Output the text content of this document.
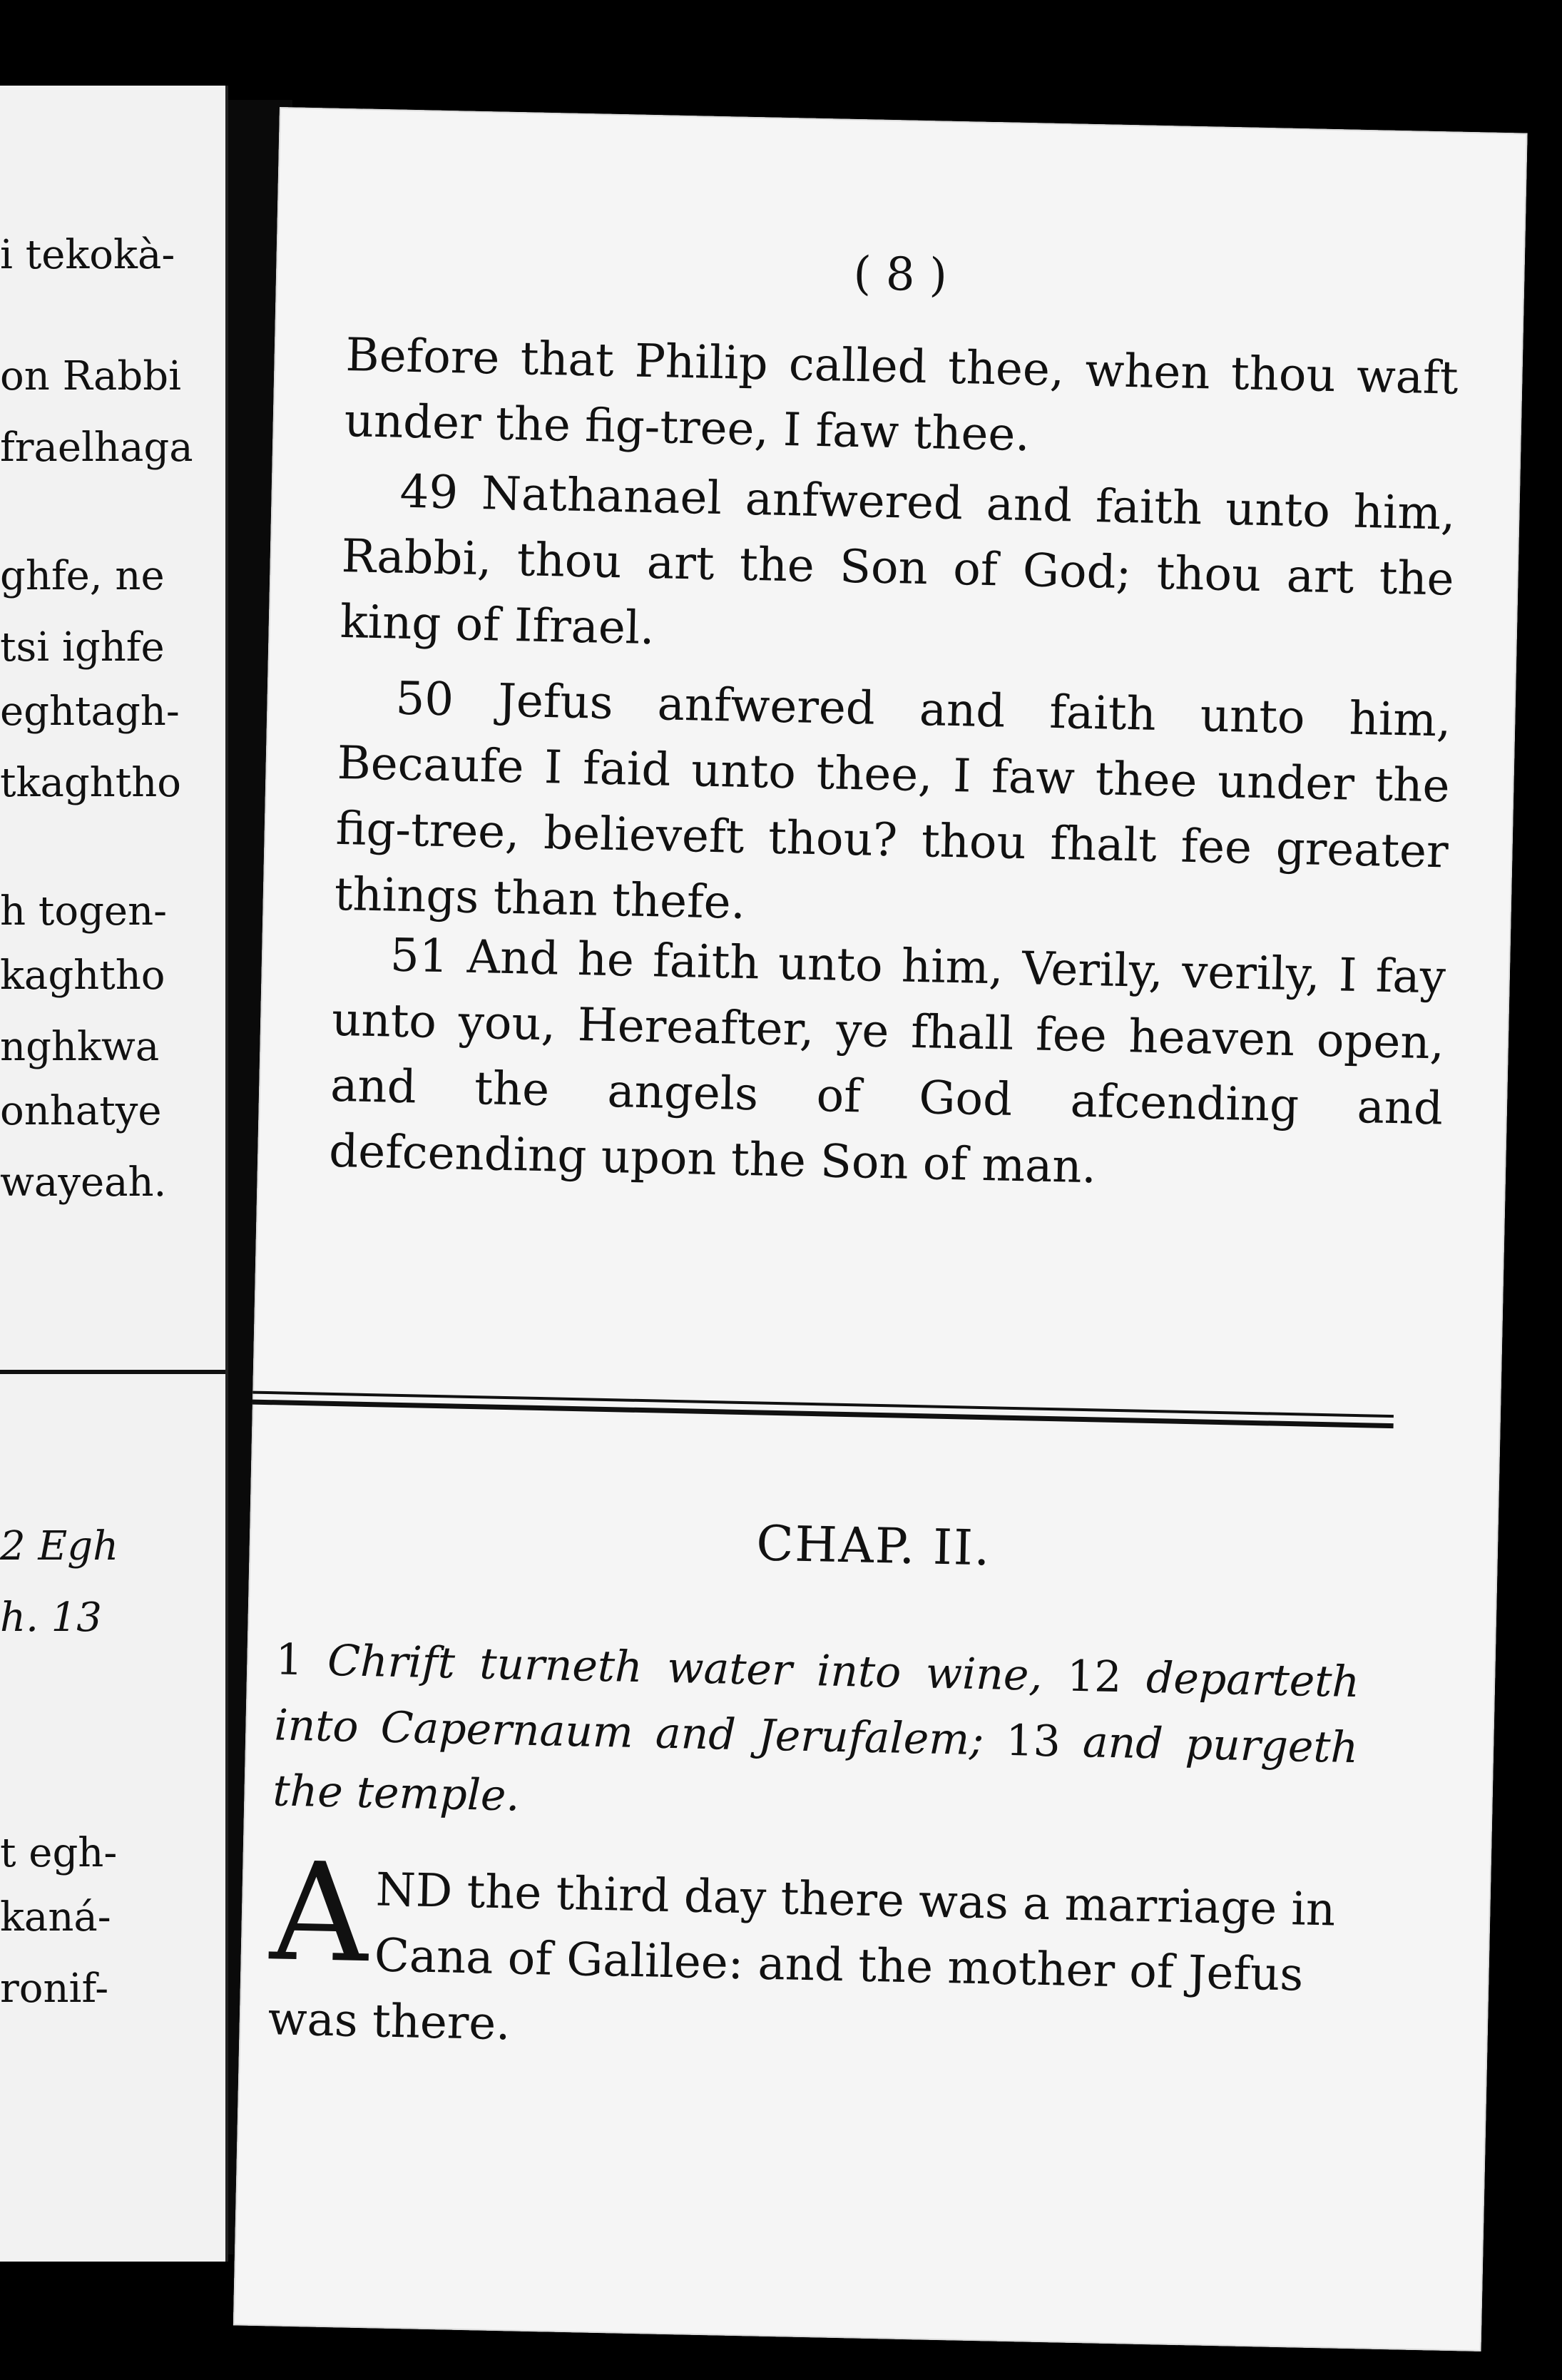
i tekokà-
on Rabbi
fraelhaga
ghfe, ne
tsi ighfe
eghtagh-
tkaghtho
h togen-
kaghtho
nghkwa
onhatye
wayeah.
2 Egh
h. 13
t egh-
kaná-
ronif-
( 8 )
Before that Philip called thee, when thou waft under the fig-tree, I faw thee.
49 Nathanael anfwered and faith unto him, Rabbi, thou art the Son of God; thou art the king of Ifrael.
50 Jefus anfwered and faith unto him, Becaufe I faid unto thee, I faw thee under the fig-tree, believeft thou? thou fhalt fee greater things than thefe.
51 And he faith unto him, Verily, verily, I fay unto you, Hereafter, ye fhall fee heaven open, and the angels of God afcending and defcending upon the Son of man.
CHAP. II.
1 Chrift turneth water into wine, 12 departeth into Capernaum and Jerufalem; 13 and purgeth the temple.
AND the third day there was a marriage in Cana of Galilee: and the mother of Jefus was there.
